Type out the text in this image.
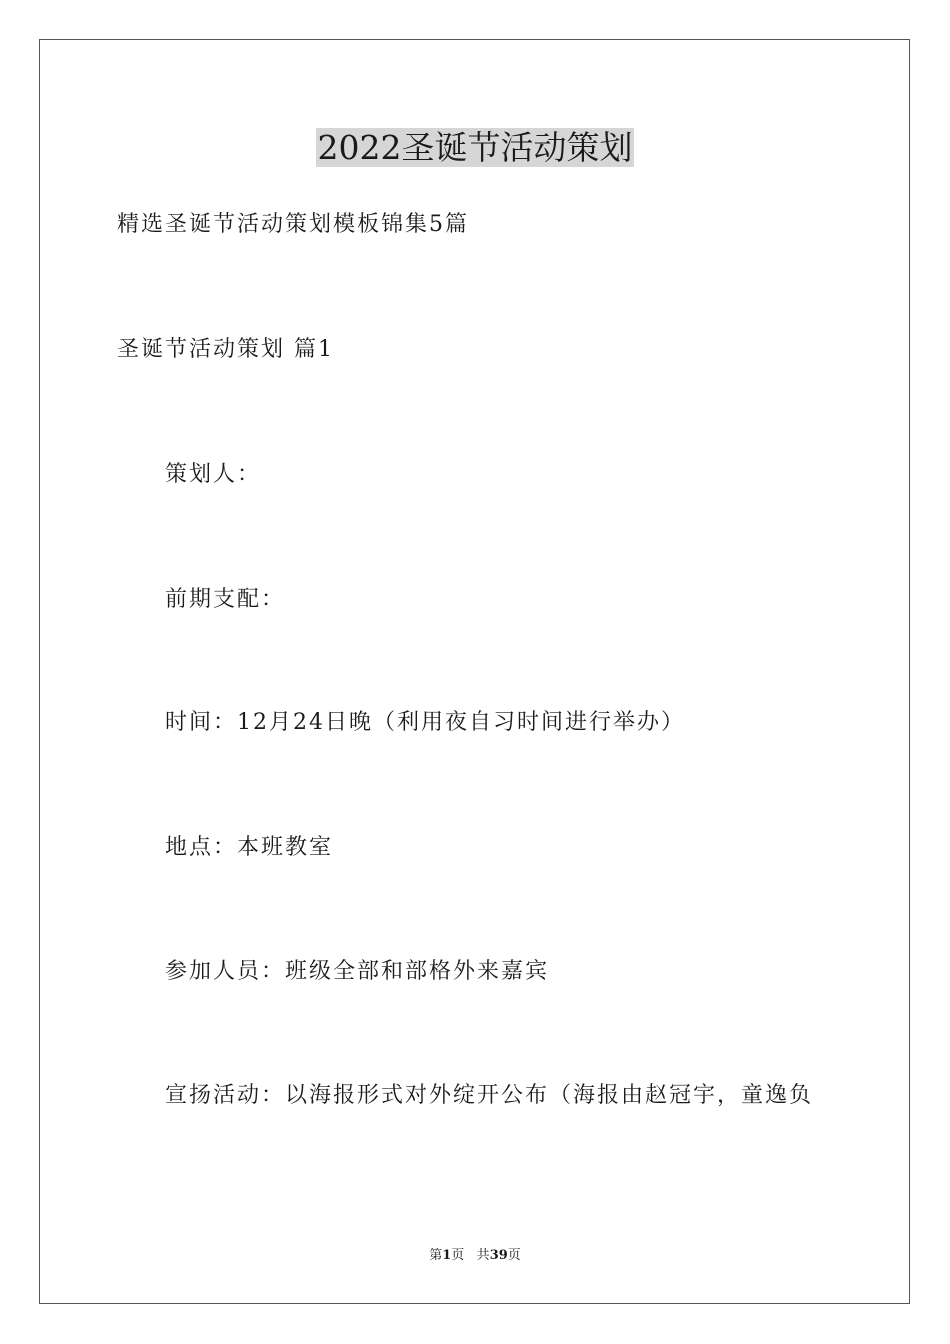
2022圣诞节活动策划
精选圣诞节活动策划模板锦集5篇
圣诞节活动策划 篇1
策划人：
前期支配：
时间：12月24日晚（利用夜自习时间进行举办）
地点：本班教室
参加人员：班级全部和部格外来嘉宾
宣扬活动：以海报形式对外绽开公布（海报由赵冠宇，童逸负
第1页 共39页
